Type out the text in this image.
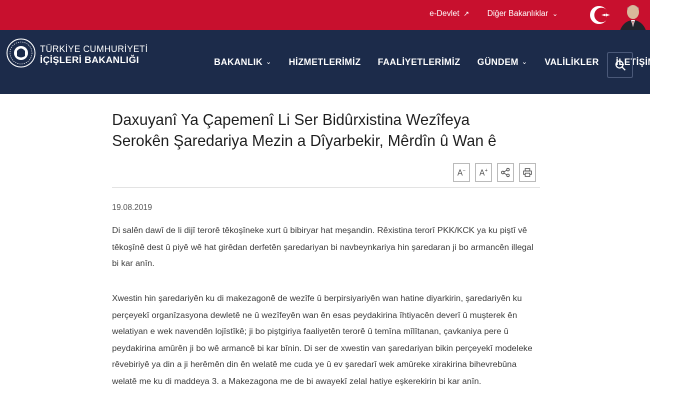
e-Devlet ↗ Diğer Bakanlıklar ⌄
TÜRKİYE CUMHURİYETİ
İÇİŞLERİ BAKANLIĞI	BAKANLIK ⌄ HİZMETLERİMİZ FAALİYETLERİMİZ GÜNDEM ⌄ VALİLİKLER İLETİŞİM
Daxuyanî Ya Çapemenî Li Ser Bidûrxistina Wezîfeya Serokên Şaredariya Mezin a Dîyarbekir, Mêrdîn û Wan ê
A− A+
19.08.2019

Di salên dawî de li dijî terorê têkoşîneke xurt û bibiryar hat meşandin. Rêxistina terorî PKK/KCK ya ku piştî vê têkoşînê dest û piyê wê hat girêdan derfetên şaredariyan bi navbeynkariya hin şaredaran ji bo armancên illegal bi kar anîn.

Xwestin hin şaredariyên ku di makezagonê de wezîfe û berpirsiyariyên wan hatine diyarkirin, şaredariyên ku perçeyekî organîzasyona dewletê ne û wezîfeyên wan ên esas peydakirina îhtiyacên deverî û muşterek ên welatiyan e wek navendên lojîstîkê; ji bo piştgiriya faaliyetên terorê û temîna mîlîtanan, çavkaniya pere û peydakirina amûrên ji bo wê armancê bi kar bînin. Di ser de xwestin van şaredariyan bikin perçeyekî modeleke rêvebiriyê ya din a ji herêmên din ên welatê me cuda ye û ev şaredarî wek amûreke xirakirina bihevrebûna welatê me ku di maddeya 3. a Makezagona me de bi awayekî zelal hatiye eşkerekirin bi kar anîn.
